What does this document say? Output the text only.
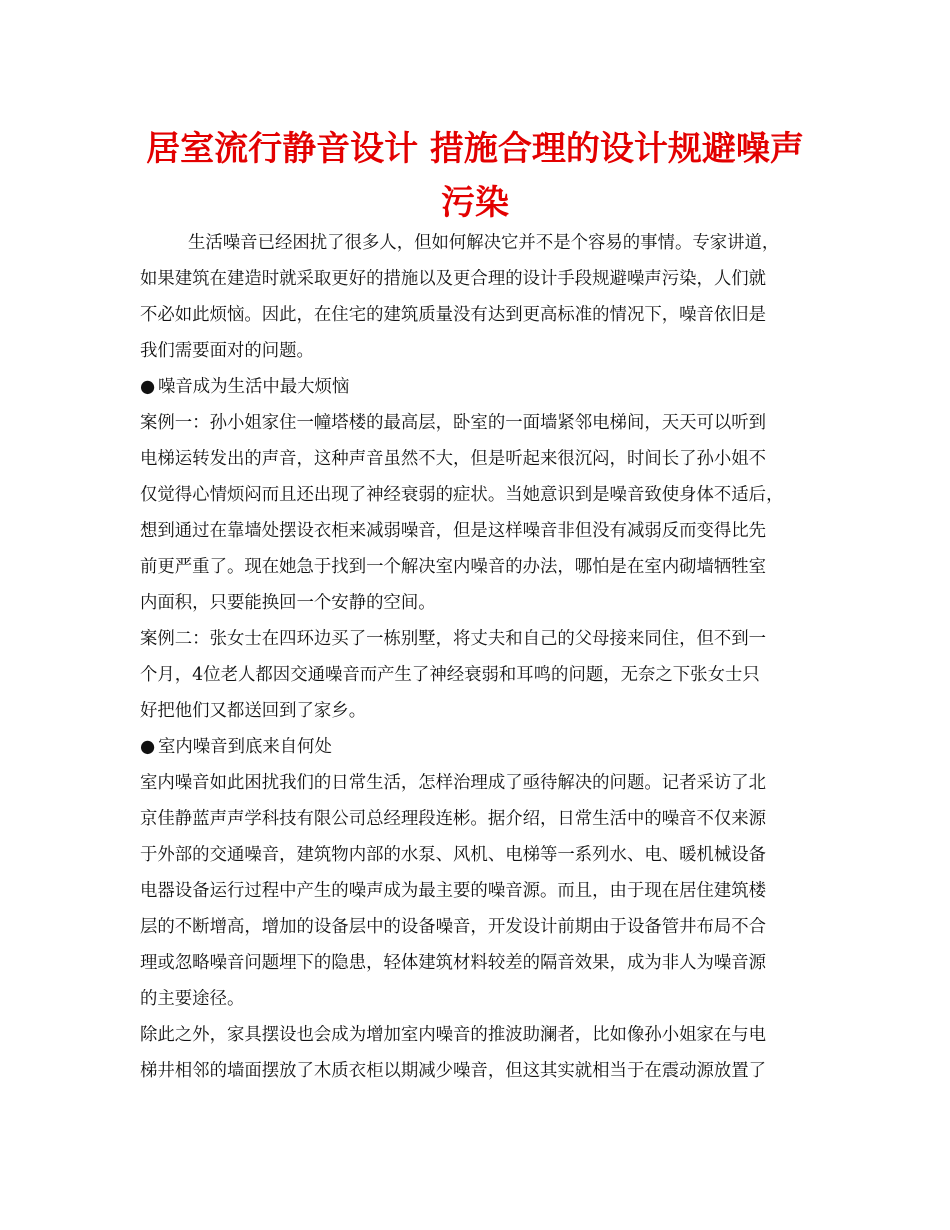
居室流行静音设计 措施合理的设计规避噪声
污染

生活噪音已经困扰了很多人，但如何解决它并不是个容易的事情。专家讲道，

如果建筑在建造时就采取更好的措施以及更合理的设计手段规避噪声污染，人们就

不必如此烦恼。因此，在住宅的建筑质量没有达到更高标准的情况下，噪音依旧是

我们需要面对的问题。

● 噪音成为生活中最大烦恼

案例一：孙小姐家住一幢塔楼的最高层，卧室的一面墙紧邻电梯间，天天可以听到

电梯运转发出的声音，这种声音虽然不大，但是听起来很沉闷，时间长了孙小姐不

仅觉得心情烦闷而且还出现了神经衰弱的症状。当她意识到是噪音致使身体不适后，

想到通过在靠墙处摆设衣柜来减弱噪音，但是这样噪音非但没有减弱反而变得比先

前更严重了。现在她急于找到一个解决室内噪音的办法，哪怕是在室内砌墙牺牲室

内面积，只要能换回一个安静的空间。

案例二：张女士在四环边买了一栋别墅，将丈夫和自己的父母接来同住，但不到一

个月，4位老人都因交通噪音而产生了神经衰弱和耳鸣的问题，无奈之下张女士只

好把他们又都送回到了家乡。

● 室内噪音到底来自何处

室内噪音如此困扰我们的日常生活，怎样治理成了亟待解决的问题。记者采访了北

京佳静蓝声声学科技有限公司总经理段连彬。据介绍，日常生活中的噪音不仅来源

于外部的交通噪音，建筑物内部的水泵、风机、电梯等一系列水、电、暖机械设备

电器设备运行过程中产生的噪声成为最主要的噪音源。而且，由于现在居住建筑楼

层的不断增高，增加的设备层中的设备噪音，开发设计前期由于设备管井布局不合

理或忽略噪音问题埋下的隐患，轻体建筑材料较差的隔音效果，成为非人为噪音源

的主要途径。

除此之外，家具摆设也会成为增加室内噪音的推波助澜者，比如像孙小姐家在与电

梯井相邻的墙面摆放了木质衣柜以期减少噪音，但这其实就相当于在震动源放置了
